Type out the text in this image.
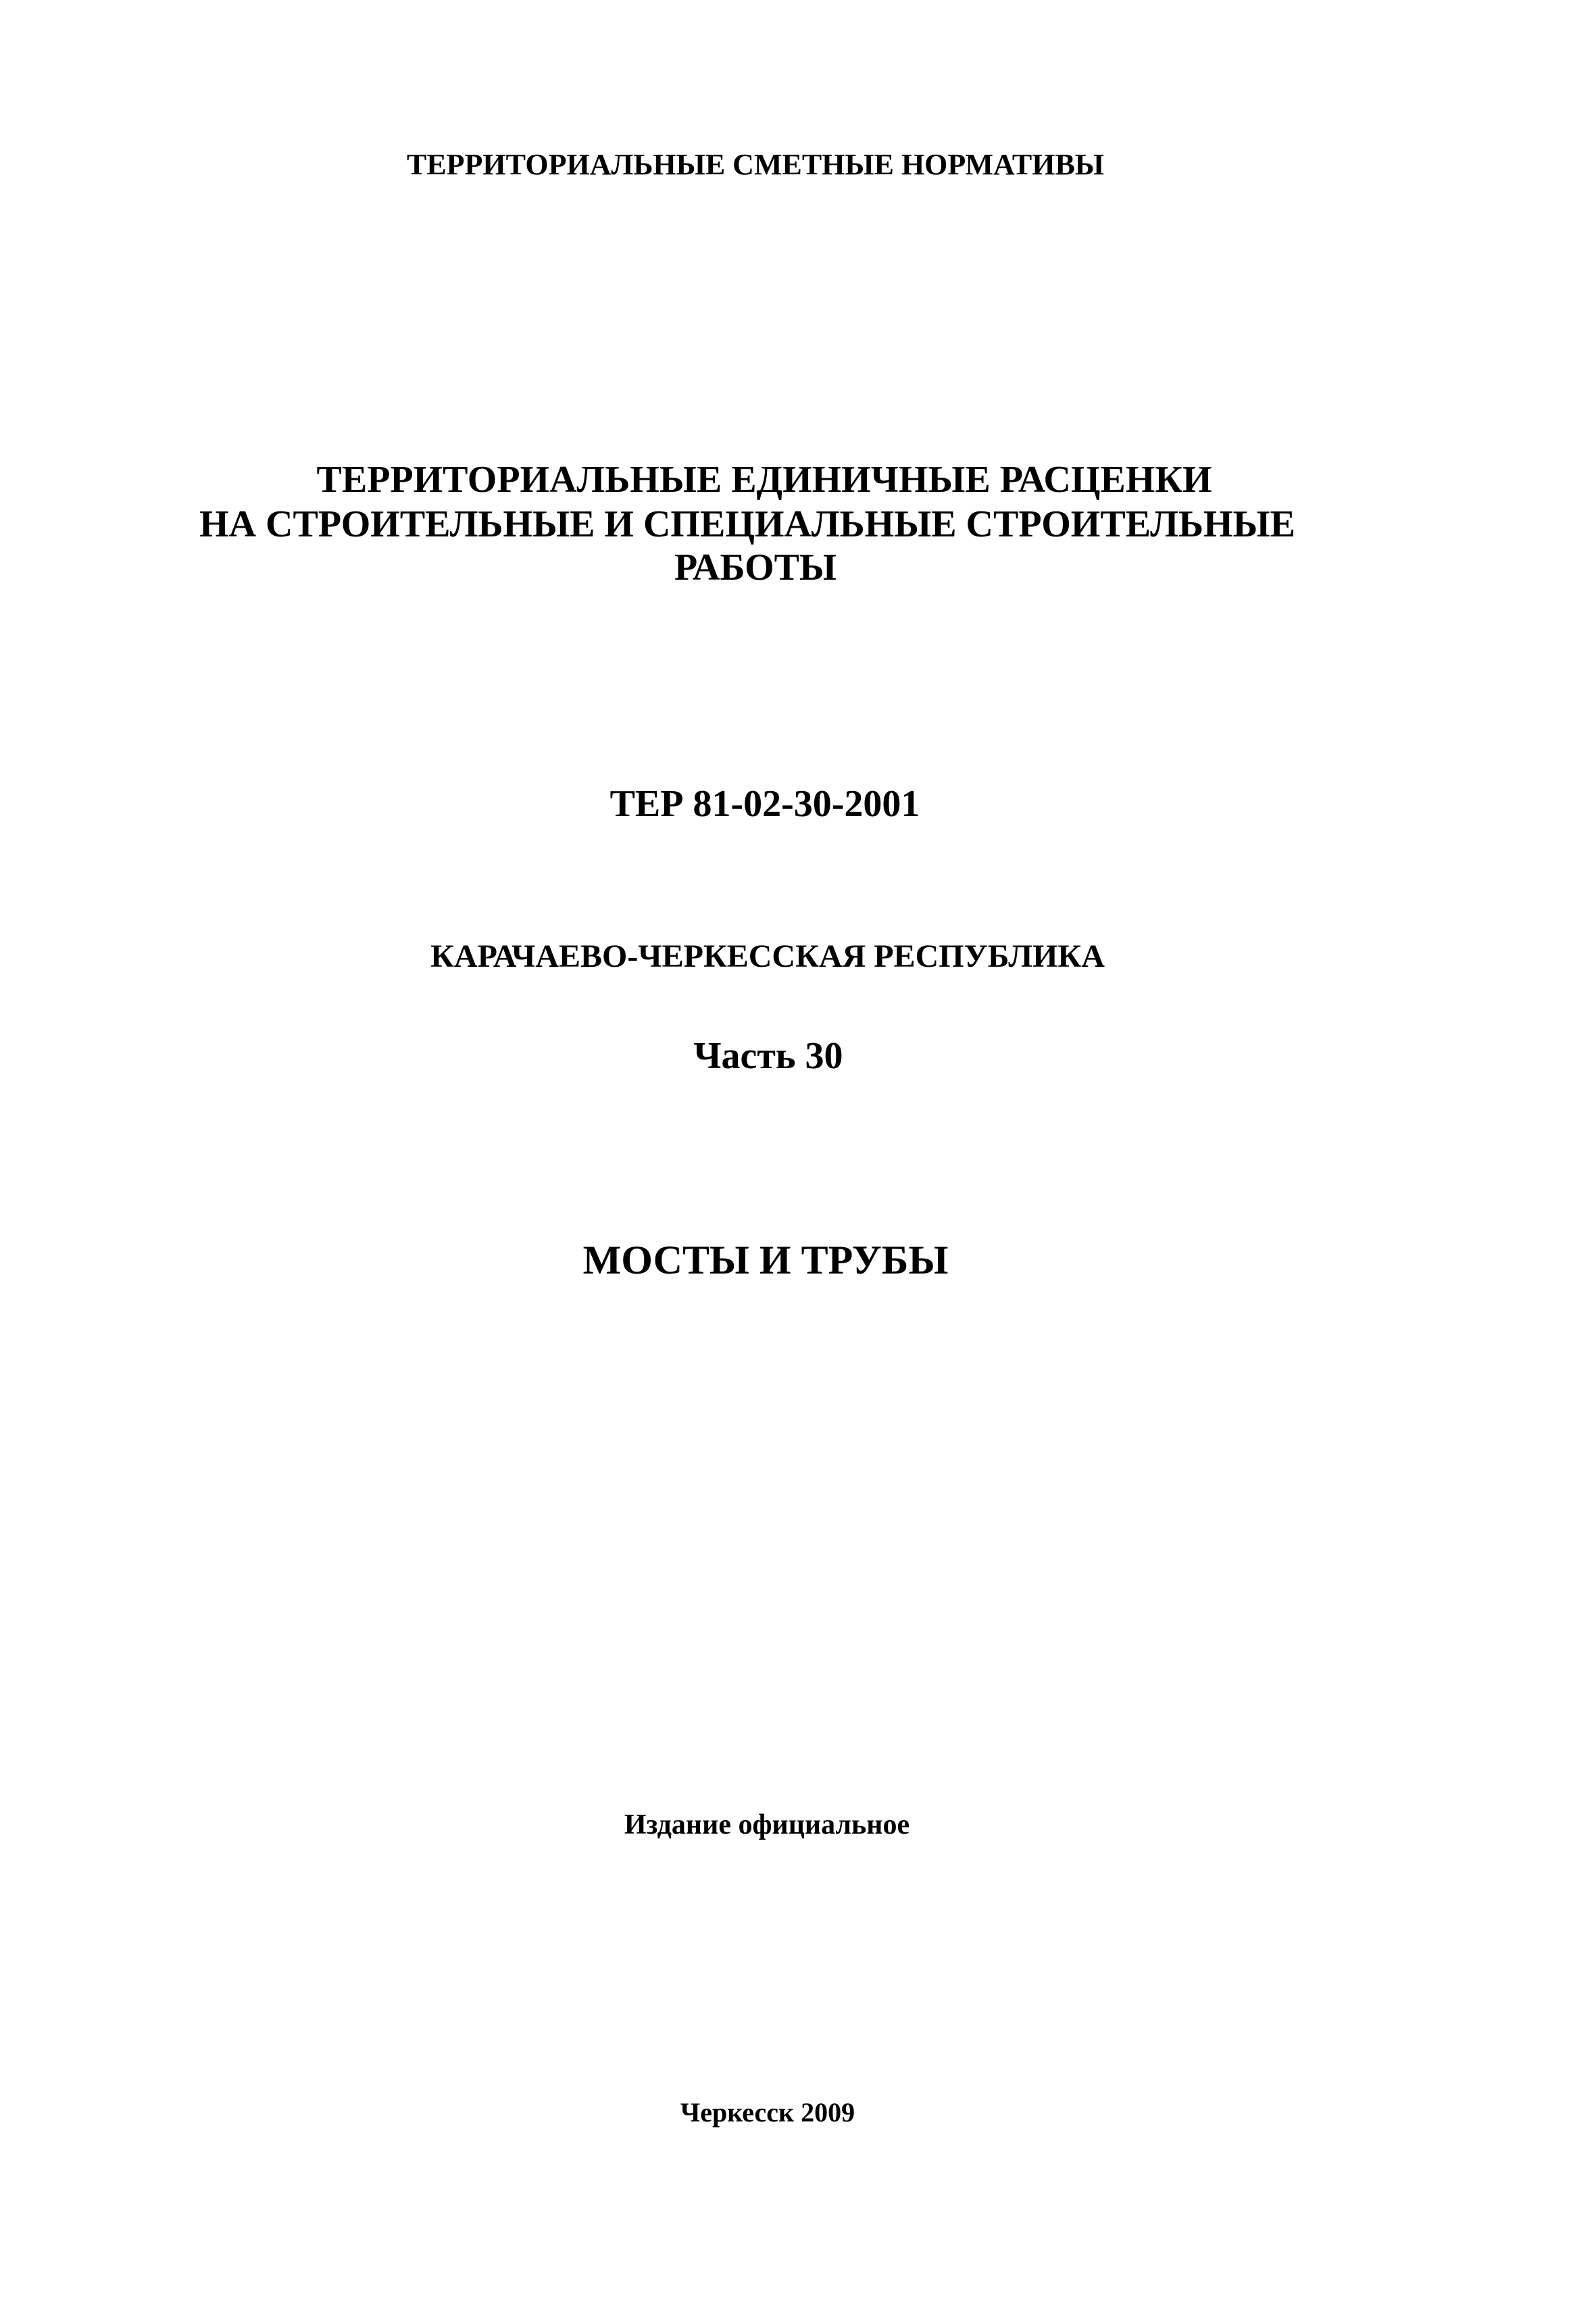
ТЕРРИТОРИАЛЬНЫЕ СМЕТНЫЕ НОРМАТИВЫ
ТЕРРИТОРИАЛЬНЫЕ ЕДИНИЧНЫЕ РАСЦЕНКИ
НА СТРОИТЕЛЬНЫЕ И СПЕЦИАЛЬНЫЕ СТРОИТЕЛЬНЫЕ
РАБОТЫ
ТЕР 81-02-30-2001
КАРАЧАЕВО-ЧЕРКЕССКАЯ РЕСПУБЛИКА
Часть 30
МОСТЫ И ТРУБЫ
Издание официальное
Черкесск 2009
